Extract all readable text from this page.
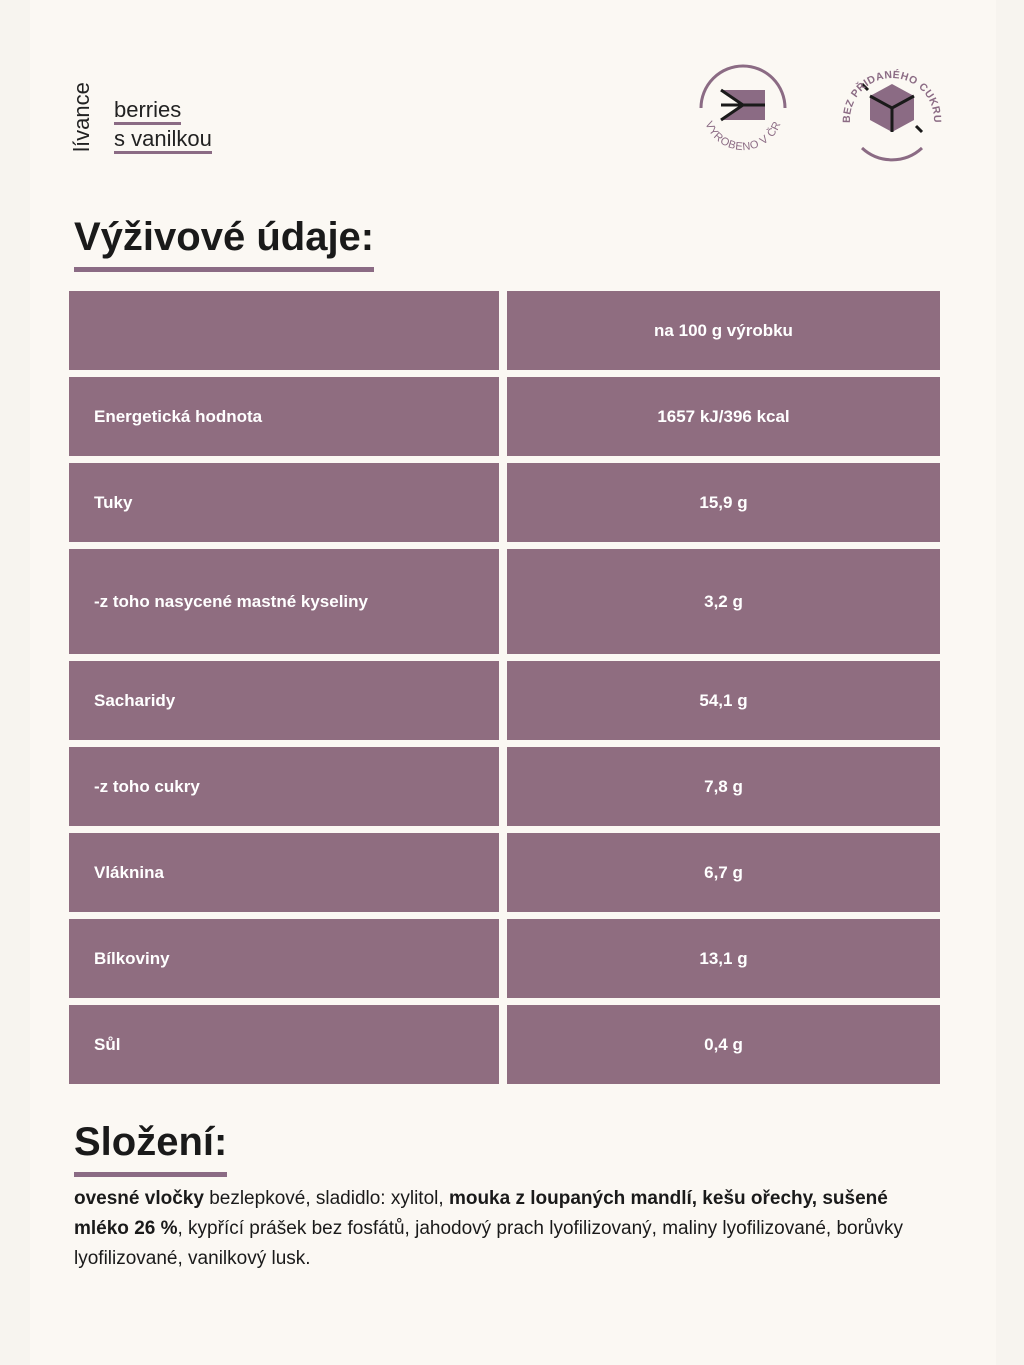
lívance berries
s vanilkou
VYROBENO V ČR
BEZ PŘIDANÉHO CUKRU
Výživové údaje:
na 100 g výrobku
Energetická hodnota	1657 kJ/396 kcal
Tuky	15,9 g
-z toho nasycené mastné kyseliny	3,2 g
Sacharidy	54,1 g
-z toho cukry	7,8 g
Vláknina	6,7 g
Bílkoviny	13,1 g
Sůl	0,4 g
Složení:

ovesné vločky bezlepkové, sladidlo: xylitol, mouka z loupaných mandlí, kešu ořechy, sušené mléko 26 %, kypřící prášek bez fosfátů, jahodový prach lyofilizovaný, maliny lyofilizované, borůvky lyofilizované, vanilkový lusk.
